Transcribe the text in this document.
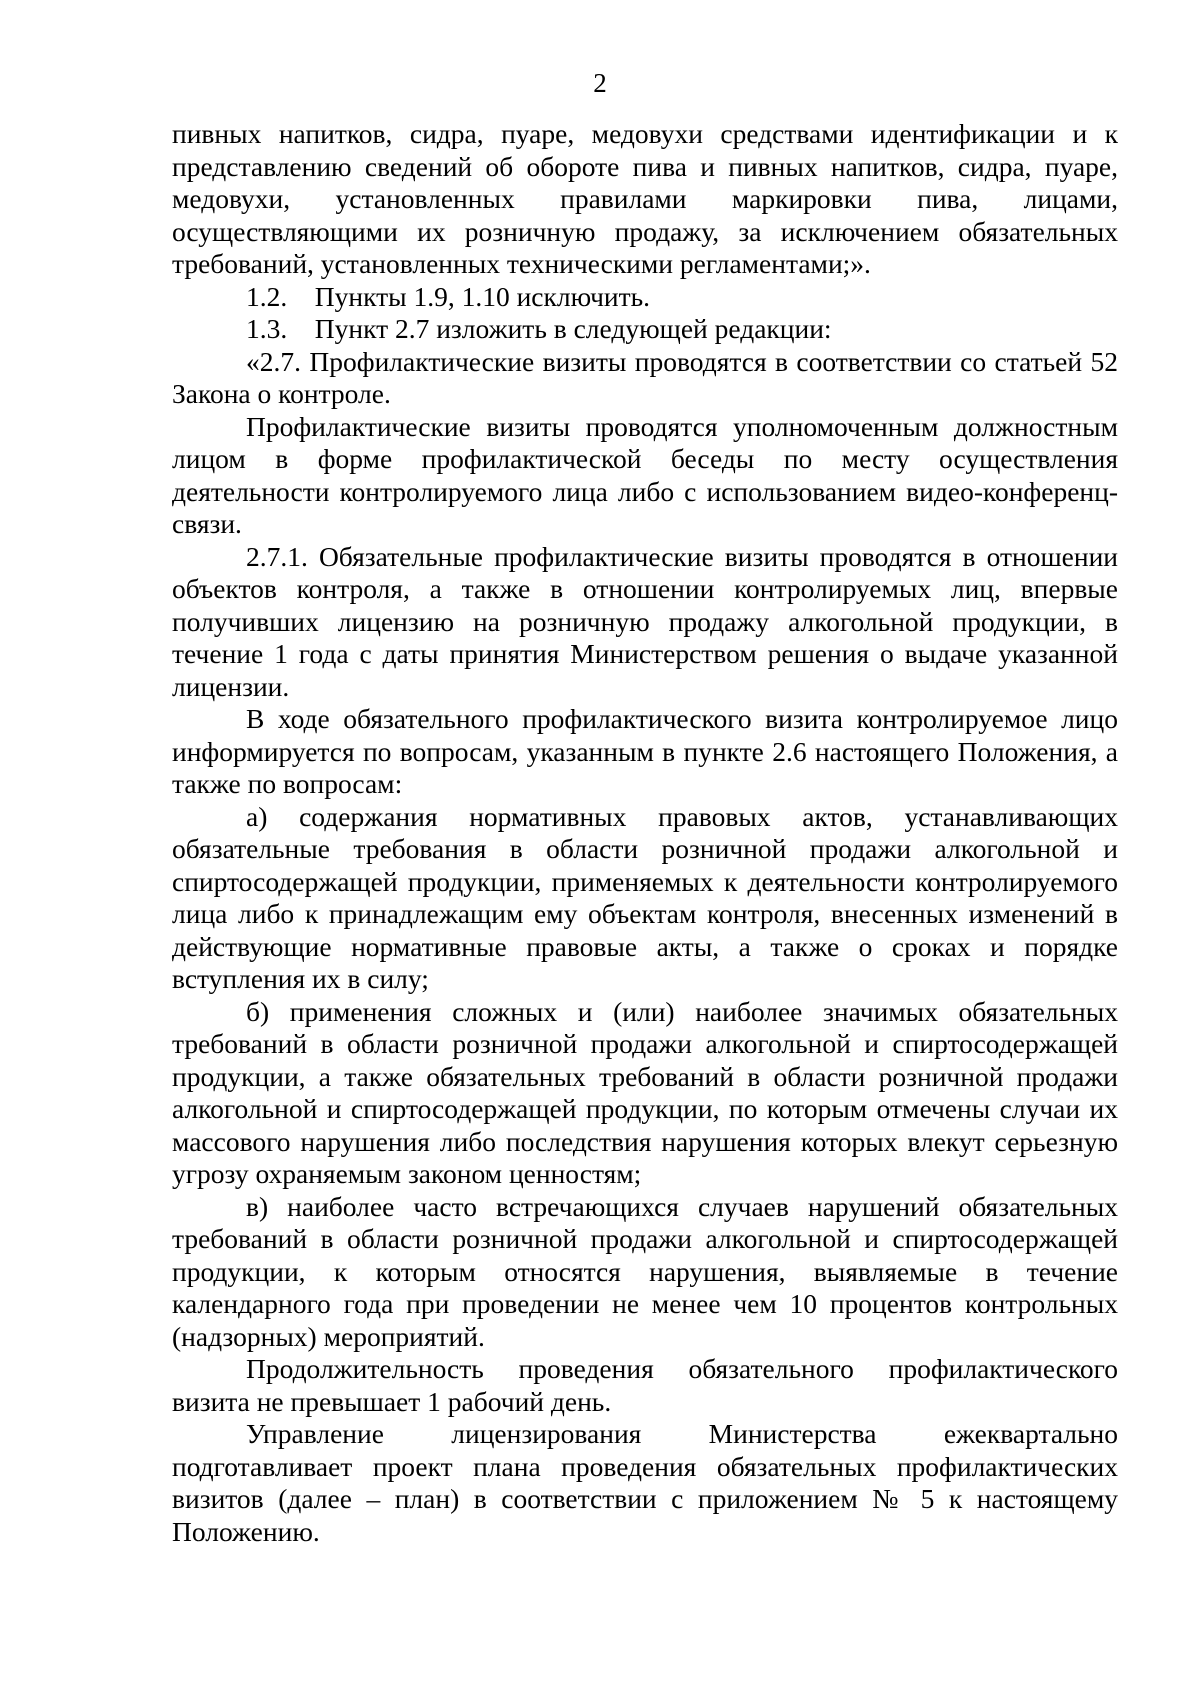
2

пивных напитков, сидра, пуаре, медовухи средствами идентификации и к представлению сведений об обороте пива и пивных напитков, сидра, пуаре, медовухи, установленных правилами маркировки пива, лицами, осуществляющими их розничную продажу, за исключением обязательных требований, установленных техническими регламентами;».

1.2. Пункты 1.9, 1.10 исключить.

1.3. Пункт 2.7 изложить в следующей редакции:

«2.7. Профилактические визиты проводятся в соответствии со статьей 52 Закона о контроле.

Профилактические визиты проводятся уполномоченным должностным лицом в форме профилактической беседы по месту осуществления деятельности контролируемого лица либо с использованием видео-конференц-связи.

2.7.1. Обязательные профилактические визиты проводятся в отношении объектов контроля, а также в отношении контролируемых лиц, впервые получивших лицензию на розничную продажу алкогольной продукции, в течение 1 года с даты принятия Министерством решения о выдаче указанной лицензии.

В ходе обязательного профилактического визита контролируемое лицо информируется по вопросам, указанным в пункте 2.6 настоящего Положения, а также по вопросам:

а) содержания нормативных правовых актов, устанавливающих обязательные требования в области розничной продажи алкогольной и спиртосодержащей продукции, применяемых к деятельности контролируемого лица либо к принадлежащим ему объектам контроля, внесенных изменений в действующие нормативные правовые акты, а также о сроках и порядке вступления их в силу;

б) применения сложных и (или) наиболее значимых обязательных требований в области розничной продажи алкогольной и спиртосодержащей продукции, а также обязательных требований в области розничной продажи алкогольной и спиртосодержащей продукции, по которым отмечены случаи их массового нарушения либо последствия нарушения которых влекут серьезную угрозу охраняемым законом ценностям;

в) наиболее часто встречающихся случаев нарушений обязательных требований в области розничной продажи алкогольной и спиртосодержащей продукции, к которым относятся нарушения, выявляемые в течение календарного года при проведении не менее чем 10 процентов контрольных (надзорных) мероприятий.

Продолжительность проведения обязательного профилактического визита не превышает 1 рабочий день.

Управление лицензирования Министерства ежеквартально подготавливает проект плана проведения обязательных профилактических визитов (далее – план) в соответствии с приложением № 5 к настоящему Положению.
